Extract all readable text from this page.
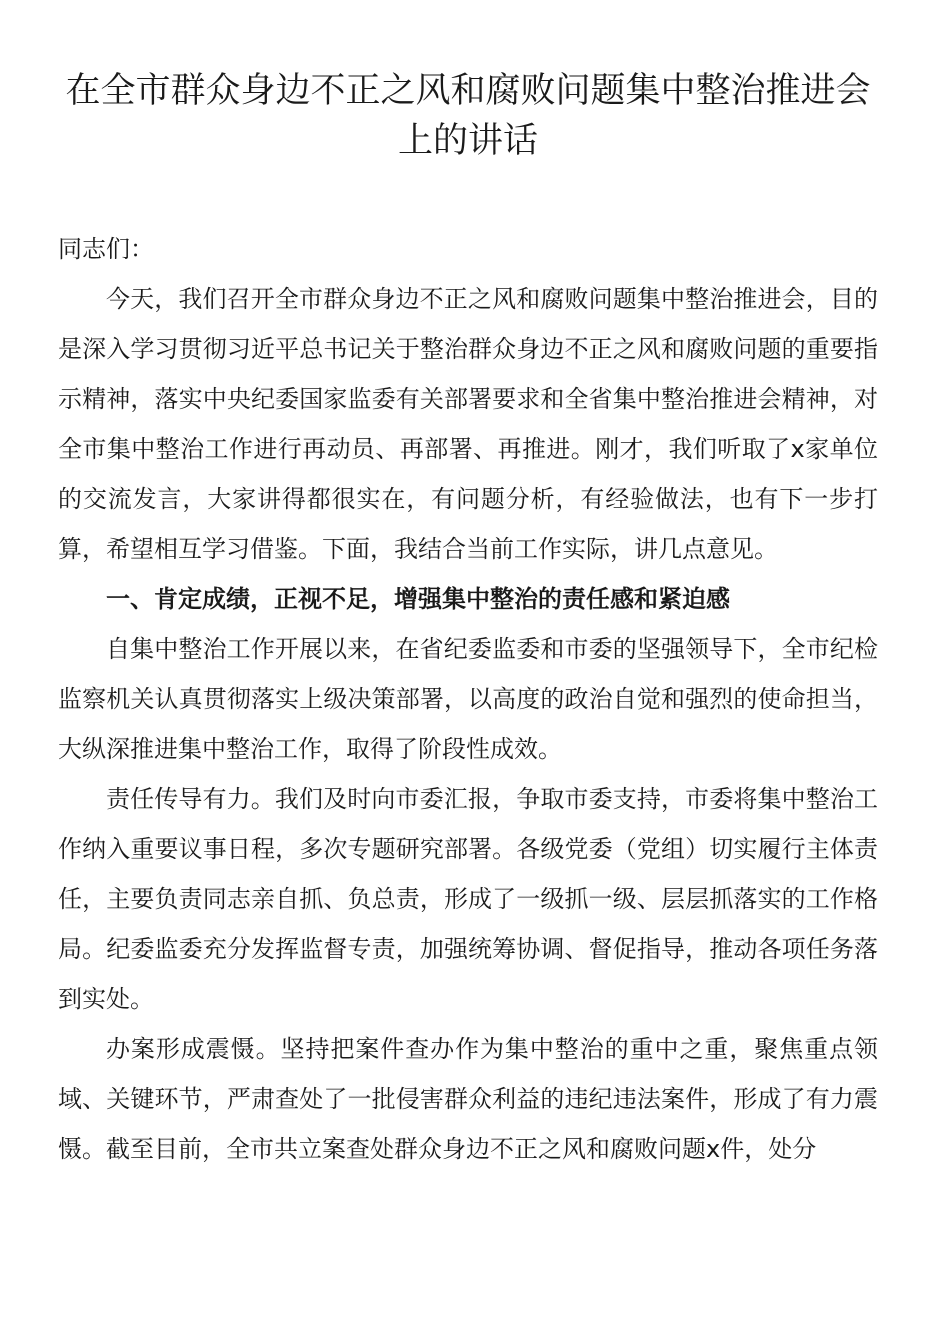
在全市群众身边不正之风和腐败问题集中整治推进会上的讲话

同志们：

今天，我们召开全市群众身边不正之风和腐败问题集中整治推进会，目的是深入学习贯彻习近平总书记关于整治群众身边不正之风和腐败问题的重要指示精神，落实中央纪委国家监委有关部署要求和全省集中整治推进会精神，对全市集中整治工作进行再动员、再部署、再推进。刚才，我们听取了x家单位的交流发言，大家讲得都很实在，有问题分析，有经验做法，也有下一步打算，希望相互学习借鉴。下面，我结合当前工作实际，讲几点意见。

一、肯定成绩，正视不足，增强集中整治的责任感和紧迫感

自集中整治工作开展以来，在省纪委监委和市委的坚强领导下，全市纪检监察机关认真贯彻落实上级决策部署，以高度的政治自觉和强烈的使命担当，大纵深推进集中整治工作，取得了阶段性成效。

责任传导有力。我们及时向市委汇报，争取市委支持，市委将集中整治工作纳入重要议事日程，多次专题研究部署。各级党委（党组）切实履行主体责任，主要负责同志亲自抓、负总责，形成了一级抓一级、层层抓落实的工作格局。纪委监委充分发挥监督专责，加强统筹协调、督促指导，推动各项任务落到实处。

办案形成震慑。坚持把案件查办作为集中整治的重中之重，聚焦重点领域、关键环节，严肃查处了一批侵害群众利益的违纪违法案件，形成了有力震慑。截至目前，全市共立案查处群众身边不正之风和腐败问题x件，处分
